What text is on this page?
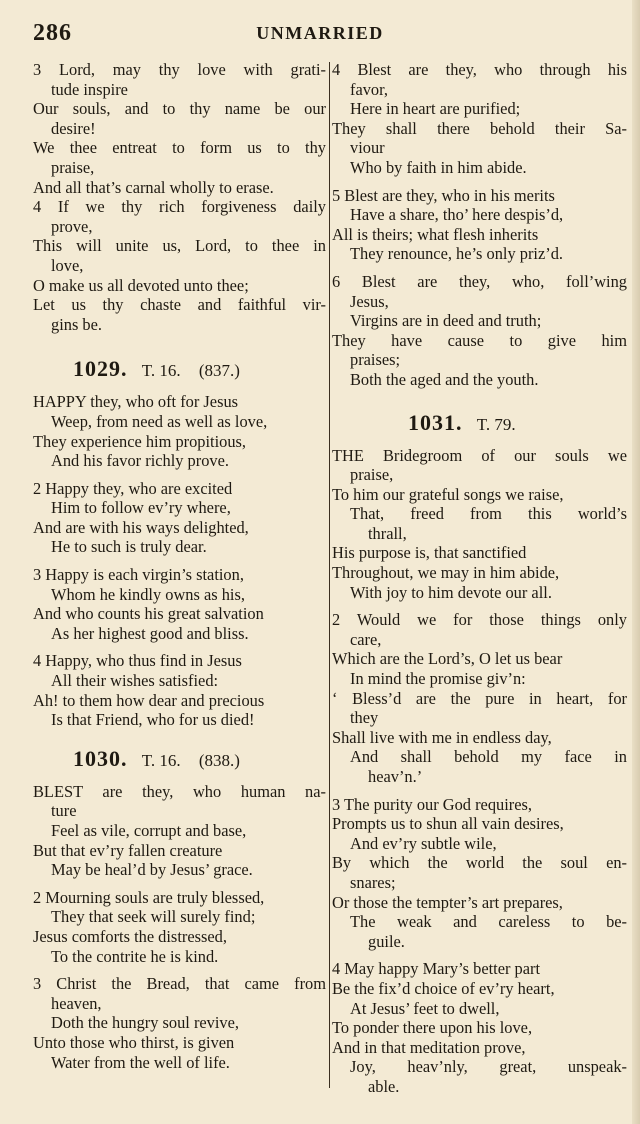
286	UNMARRIED
3 Lord, may thy love with grati-
tude inspire
Our souls, and to thy name be our
desire!
We thee entreat to form us to thy
praise,
And all that’s carnal wholly to erase.
4 If we thy rich forgiveness daily
prove,
This will unite us, Lord, to thee in
love,
O make us all devoted unto thee;
Let us thy chaste and faithful vir-
gins be.
1029. T. 16. (837.)
HAPPY they, who oft for Jesus
Weep, from need as well as love,
They experience him propitious,
And his favor richly prove.
2 Happy they, who are excited
Him to follow ev’ry where,
And are with his ways delighted,
He to such is truly dear.
3 Happy is each virgin’s station,
Whom he kindly owns as his,
And who counts his great salvation
As her highest good and bliss.
4 Happy, who thus find in Jesus
All their wishes satisfied:
Ah! to them how dear and precious
Is that Friend, who for us died!
1030. T. 16. (838.)
BLEST are they, who human na-
ture
Feel as vile, corrupt and base,
But that ev’ry fallen creature
May be heal’d by Jesus’ grace.
2 Mourning souls are truly blessed,
They that seek will surely find;
Jesus comforts the distressed,
To the contrite he is kind.
3 Christ the Bread, that came from
heaven,
Doth the hungry soul revive,
Unto those who thirst, is given
Water from the well of life.
4 Blest are they, who through his
favor,
Here in heart are purified;
They shall there behold their Sa-
viour
Who by faith in him abide.
5 Blest are they, who in his merits
Have a share, tho’ here despis’d,
All is theirs; what flesh inherits
They renounce, he’s only priz’d.
6 Blest are they, who, foll’wing
Jesus,
Virgins are in deed and truth;
They have cause to give him
praises;
Both the aged and the youth.
1031. T. 79.
THE Bridegroom of our souls we
praise,
To him our grateful songs we raise,
That, freed from this world’s
thrall,
His purpose is, that sanctified
Throughout, we may in him abide,
With joy to him devote our all.
2 Would we for those things only
care,
Which are the Lord’s, O let us bear
In mind the promise giv’n:
‘ Bless’d are the pure in heart, for
they
Shall live with me in endless day,
And shall behold my face in
heav’n.’
3 The purity our God requires,
Prompts us to shun all vain desires,
And ev’ry subtle wile,
By which the world the soul en-
snares;
Or those the tempter’s art prepares,
The weak and careless to be-
guile.
4 May happy Mary’s better part
Be the fix’d choice of ev’ry heart,
At Jesus’ feet to dwell,
To ponder there upon his love,
And in that meditation prove,
Joy, heav’nly, great, unspeak-
able.
